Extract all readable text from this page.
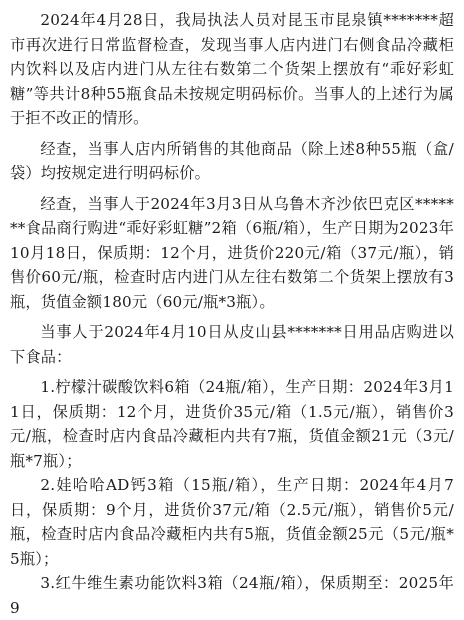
2024年4月28日，我局执法人员对昆玉市昆泉镇*******超市再次进行日常监督检查，发现当事人店内进门右侧食品冷藏柜内饮料以及店内进门从左往右数第二个货架上摆放有“乖好彩虹糖”等共计8种55瓶食品未按规定明码标价。当事人的上述行为属于拒不改正的情形。

经查，当事人店内所销售的其他商品（除上述8种55瓶（盒/袋）均按规定进行明码标价。

经查，当事人于2024年3月3日从乌鲁木齐沙依巴克区*******食品商行购进“乖好彩虹糖”2箱（6瓶/箱），生产日期为2023年10月18日，保质期：12个月，进货价220元/箱（37元/瓶），销售价60元/瓶，检查时店内进门从左往右数第二个货架上摆放有3瓶，货值金额180元（60元/瓶*3瓶）。

当事人于2024年4月10日从皮山县*******日用品店购进以下食品：

1.柠檬汁碳酸饮料6箱（24瓶/箱），生产日期：2024年3月11日，保质期：12个月，进货价35元/箱（1.5元/瓶），销售价3元/瓶，检查时店内食品冷藏柜内共有7瓶，货值金额21元（3元/瓶*7瓶）；

2.娃哈哈AD钙3箱（15瓶/箱），生产日期：2024年4月7日，保质期：9个月，进货价37元/箱（2.5元/瓶），销售价5元/瓶，检查时店内食品冷藏柜内共有5瓶，货值金额25元（5元/瓶*5瓶）；

3.红牛维生素功能饮料3箱（24瓶/箱），保质期至：2025年9
